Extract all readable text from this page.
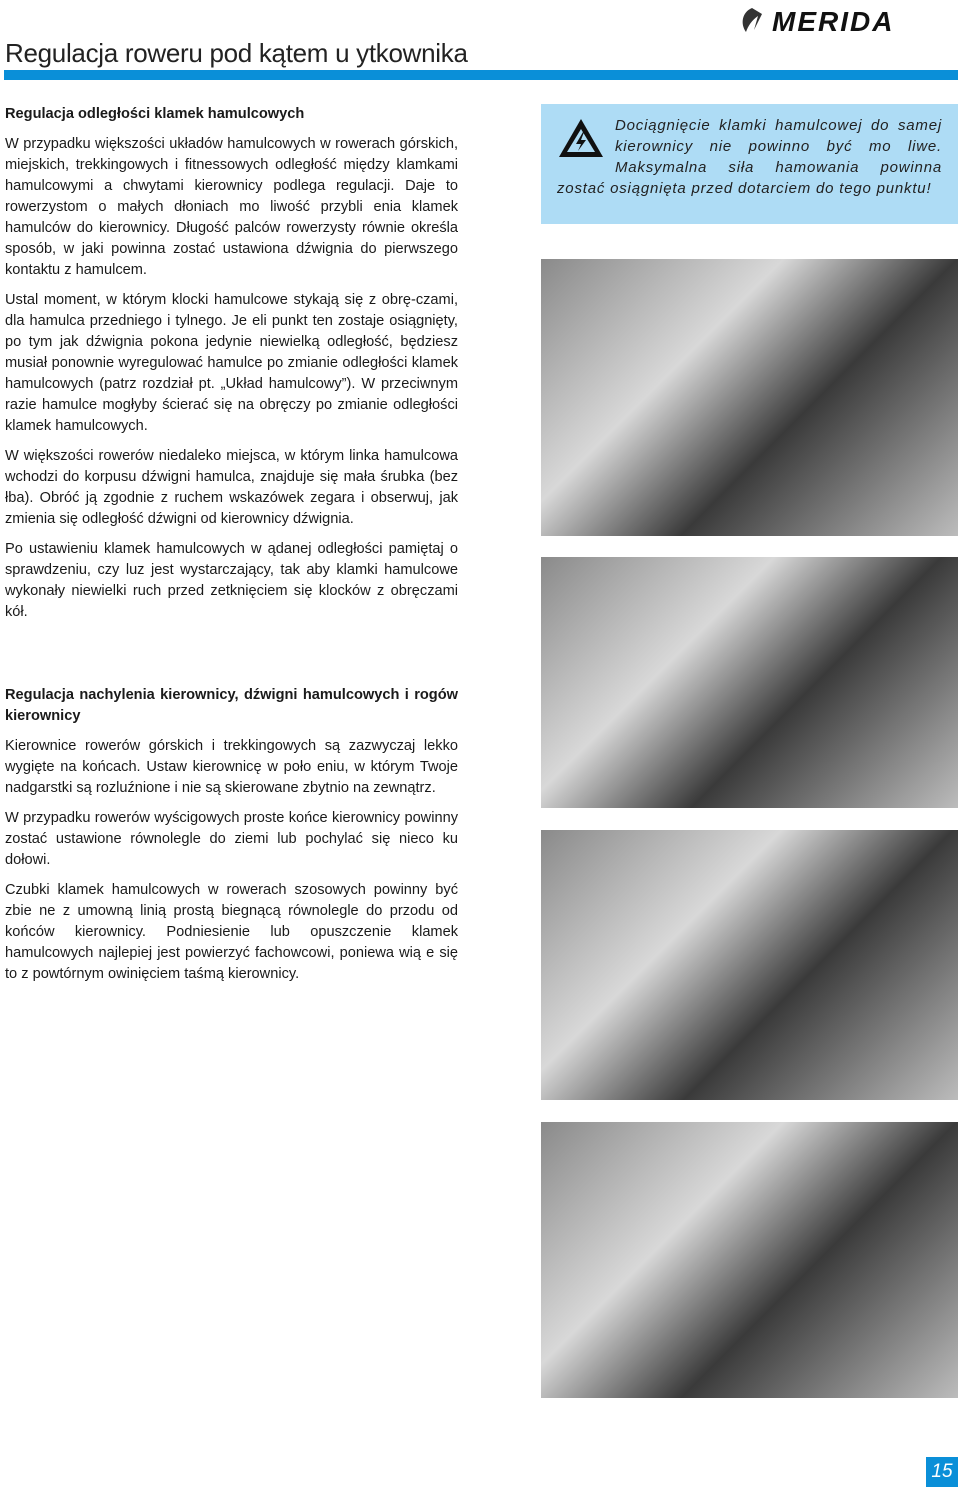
MERIDA
Regulacja roweru pod kątem u ytkownika
Regulacja odległości klamek hamulcowych

W przypadku większości układów hamulcowych w rowerach górskich, miejskich, trekkingowych i fitnessowych odległość między klamkami hamulcowymi a chwytami kierownicy podlega regulacji. Daje to rowerzystom o małych dłoniach mo liwość przybli enia klamek hamulców do kierownicy. Długość palców rowerzysty równie określa sposób, w jaki powinna zostać ustawiona dźwignia do pierwszego kontaktu z hamulcem.

Ustal moment, w którym klocki hamulcowe stykają się z obrę-czami, dla hamulca przedniego i tylnego. Je eli punkt ten zostaje osiągnięty, po tym jak dźwignia pokona jedynie niewielką odległość, będziesz musiał ponownie wyregulować hamulce po zmianie odległości klamek hamulcowych (patrz rozdział pt. „Układ hamulcowy”). W przeciwnym razie hamulce mogłyby ścierać się na obręczy po zmianie odległości klamek hamulcowych.

W większości rowerów niedaleko miejsca, w którym linka hamulcowa wchodzi do korpusu dźwigni hamulca, znajduje się mała śrubka (bez łba). Obróć ją zgodnie z ruchem wskazówek zegara i obserwuj, jak zmienia się odległość dźwigni od kierownicy dźwignia.

Po ustawieniu klamek hamulcowych w ądanej odległości pamiętaj o sprawdzeniu, czy luz jest wystarczający, tak aby klamki hamulcowe wykonały niewielki ruch przed zetknięciem się klocków z obręczami kół.

Regulacja nachylenia kierownicy, dźwigni hamulcowych i rogów kierownicy

Kierownice rowerów górskich i trekkingowych są zazwyczaj lekko wygięte na końcach. Ustaw kierownicę w poło eniu, w którym Twoje nadgarstki są rozluźnione i nie są skierowane zbytnio na zewnątrz.

W przypadku rowerów wyścigowych proste końce kierownicy powinny zostać ustawione równolegle do ziemi lub pochylać się nieco ku dołowi.

Czubki klamek hamulcowych w rowerach szosowych powinny być zbie ne z umowną linią prostą biegnącą równolegle do przodu od końców kierownicy. Podniesienie lub opuszczenie klamek hamulcowych najlepiej jest powierzyć fachowcowi, poniewa wią e się to z powtórnym owinięciem taśmą kierownicy.

Dociągnięcie klamki hamulcowej do samej kierownicy nie powinno być mo liwe. Maksymalna siła hamowania powinna zostać osiągnięta przed dotarciem do tego punktu!
15
